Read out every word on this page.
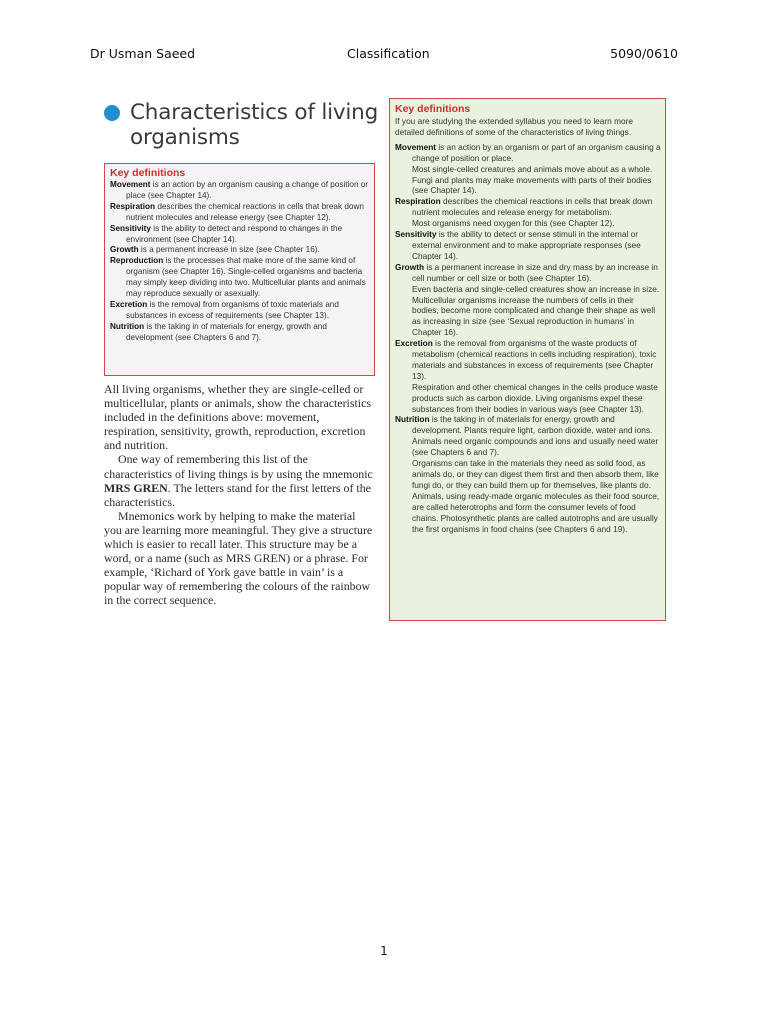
Dr Usman Saeed	Classification	5090/0610
Characteristics of living organisms
Key definitions

Movement is an action by an organism causing a change of position or place (see Chapter 14).

Respiration describes the chemical reactions in cells that break down nutrient molecules and release energy (see Chapter 12).

Sensitivity is the ability to detect and respond to changes in the environment (see Chapter 14).

Growth is a permanent increase in size (see Chapter 16).

Reproduction is the processes that make more of the same kind of organism (see Chapter 16). Single-celled organisms and bacteria may simply keep dividing into two. Multicellular plants and animals may reproduce sexually or asexually.

Excretion is the removal from organisms of toxic materials and substances in excess of requirements (see Chapter 13).

Nutrition is the taking in of materials for energy, growth and development (see Chapters 6 and 7).

All living organisms, whether they are single-celled or multicellular, plants or animals, show the characteristics included in the definitions above: movement, respiration, sensitivity, growth, reproduction, excretion and nutrition.

One way of remembering this list of the characteristics of living things is by using the mnemonic MRS GREN. The letters stand for the first letters of the characteristics.

Mnemonics work by helping to make the material you are learning more meaningful. They give a structure which is easier to recall later. This structure may be a word, or a name (such as MRS GREN) or a phrase. For example, ‘Richard of York gave battle in vain’ is a popular way of remembering the colours of the rainbow in the correct sequence.

Key definitions

If you are studying the extended syllabus you need to learn more detailed definitions of some of the characteristics of living things.

Movement is an action by an organism or part of an organism causing a change of position or place.

Most single-celled creatures and animals move about as a whole. Fungi and plants may make movements with parts of their bodies (see Chapter 14).

Respiration describes the chemical reactions in cells that break down nutrient molecules and release energy for metabolism.

Most organisms need oxygen for this (see Chapter 12).

Sensitivity is the ability to detect or sense stimuli in the internal or external environment and to make appropriate responses (see Chapter 14).

Growth is a permanent increase in size and dry mass by an increase in cell number or cell size or both (see Chapter 16).

Even bacteria and single-celled creatures show an increase in size. Multicellular organisms increase the numbers of cells in their bodies, become more complicated and change their shape as well as increasing in size (see ‘Sexual reproduction in humans’ in Chapter 16).

Excretion is the removal from organisms of the waste products of metabolism (chemical reactions in cells including respiration), toxic materials and substances in excess of requirements (see Chapter 13).

Respiration and other chemical changes in the cells produce waste products such as carbon dioxide. Living organisms expel these substances from their bodies in various ways (see Chapter 13).

Nutrition is the taking in of materials for energy, growth and development. Plants require light, carbon dioxide, water and ions. Animals need organic compounds and ions and usually need water (see Chapters 6 and 7).

Organisms can take in the materials they need as solid food, as animals do, or they can digest them first and then absorb them, like fungi do, or they can build them up for themselves, like plants do. Animals, using ready-made organic molecules as their food source, are called heterotrophs and form the consumer levels of food chains. Photosynthetic plants are called autotrophs and are usually the first organisms in food chains (see Chapters 6 and 19).

1
